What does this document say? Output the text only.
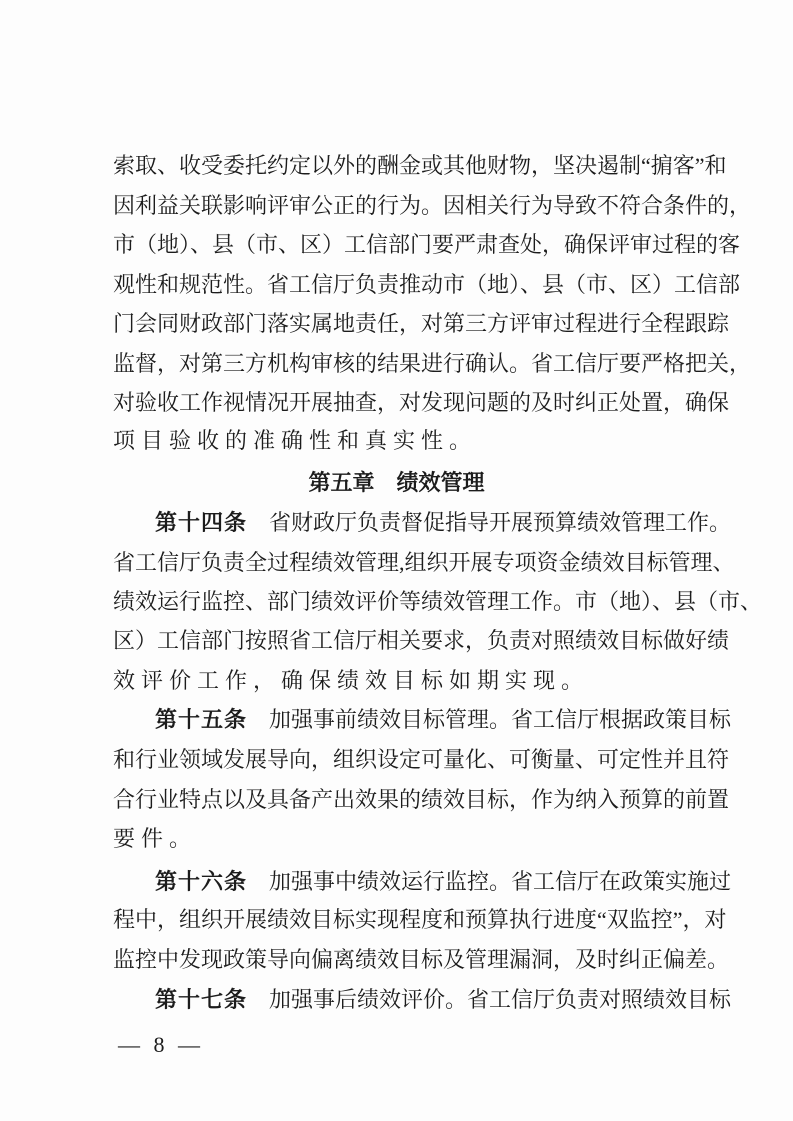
索取、收受委托约定以外的酬金或其他财物，坚决遏制“掮客”和
因利益关联影响评审公正的行为。因相关行为导致不符合条件的，
市（地）、县（市、区）工信部门要严肃查处，确保评审过程的客
观性和规范性。省工信厅负责推动市（地）、县（市、区）工信部
门会同财政部门落实属地责任，对第三方评审过程进行全程跟踪
监督，对第三方机构审核的结果进行确认。省工信厅要严格把关，
对验收工作视情况开展抽查，对发现问题的及时纠正处置，确保
项目验收的准确性和真实性。
第五章　绩效管理
第十四条　 省财政厅负责督促指导开展预算绩效管理工作。
省工信厅负责全过程绩效管理,组织开展专项资金绩效目标管理、
绩效运行监控、部门绩效评价等绩效管理工作。市（地）、县（市、
区）工信部门按照省工信厅相关要求，负责对照绩效目标做好绩
效评价工作，确保绩效目标如期实现。
第十五条　 加强事前绩效目标管理。省工信厅根据政策目标
和行业领域发展导向，组织设定可量化、可衡量、可定性并且符
合行业特点以及具备产出效果的绩效目标，作为纳入预算的前置
要件。
第十六条　 加强事中绩效运行监控。省工信厅在政策实施过
程中，组织开展绩效目标实现程度和预算执行进度“双监控”，对
监控中发现政策导向偏离绩效目标及管理漏洞，及时纠正偏差。
第十七条　 加强事后绩效评价。省工信厅负责对照绩效目标
— 8 —
